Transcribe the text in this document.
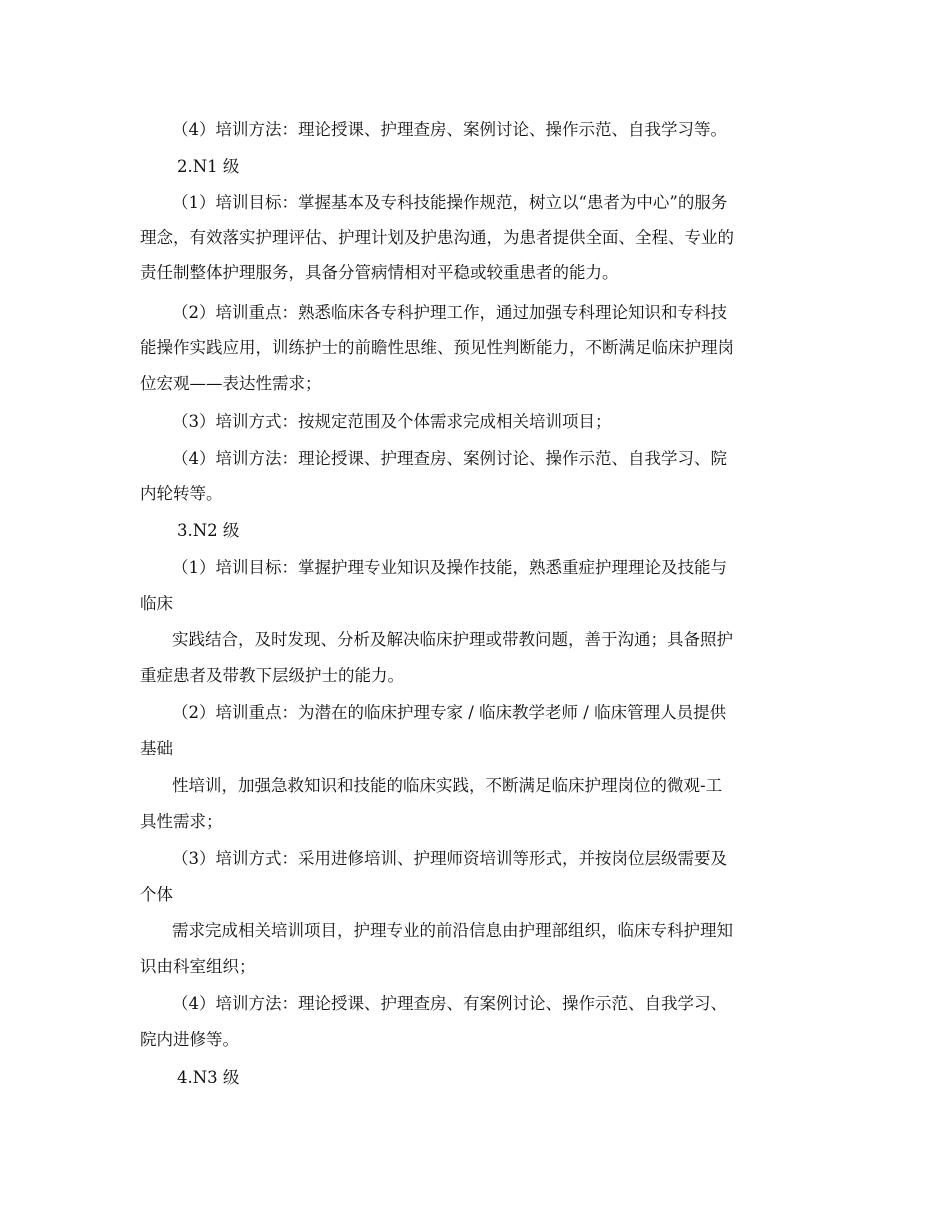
（4）培训方法：理论授课、护理查房、案例讨论、操作示范、自我学习等。
2.N1 级
（1）培训目标：掌握基本及专科技能操作规范，树立以“患者为中心”的服务
理念，有效落实护理评估、护理计划及护患沟通，为患者提供全面、全程、专业的
责任制整体护理服务，具备分管病情相对平稳或较重患者的能力。
（2）培训重点：熟悉临床各专科护理工作，通过加强专科理论知识和专科技
能操作实践应用，训练护士的前瞻性思维、预见性判断能力，不断满足临床护理岗
位宏观——表达性需求；
（3）培训方式：按规定范围及个体需求完成相关培训项目；
（4）培训方法：理论授课、护理查房、案例讨论、操作示范、自我学习、院
内轮转等。
3.N2 级
（1）培训目标：掌握护理专业知识及操作技能，熟悉重症护理理论及技能与
临床
实践结合，及时发现、分析及解决临床护理或带教问题，善于沟通；具备照护
重症患者及带教下层级护士的能力。
（2）培训重点：为潜在的临床护理专家 / 临床教学老师 / 临床管理人员提供
基础
性培训，加强急救知识和技能的临床实践，不断满足临床护理岗位的微观-工
具性需求；
（3）培训方式：采用进修培训、护理师资培训等形式，并按岗位层级需要及
个体
需求完成相关培训项目，护理专业的前沿信息由护理部组织，临床专科护理知
识由科室组织；
（4）培训方法：理论授课、护理查房、有案例讨论、操作示范、自我学习、
院内进修等。
4.N3 级
